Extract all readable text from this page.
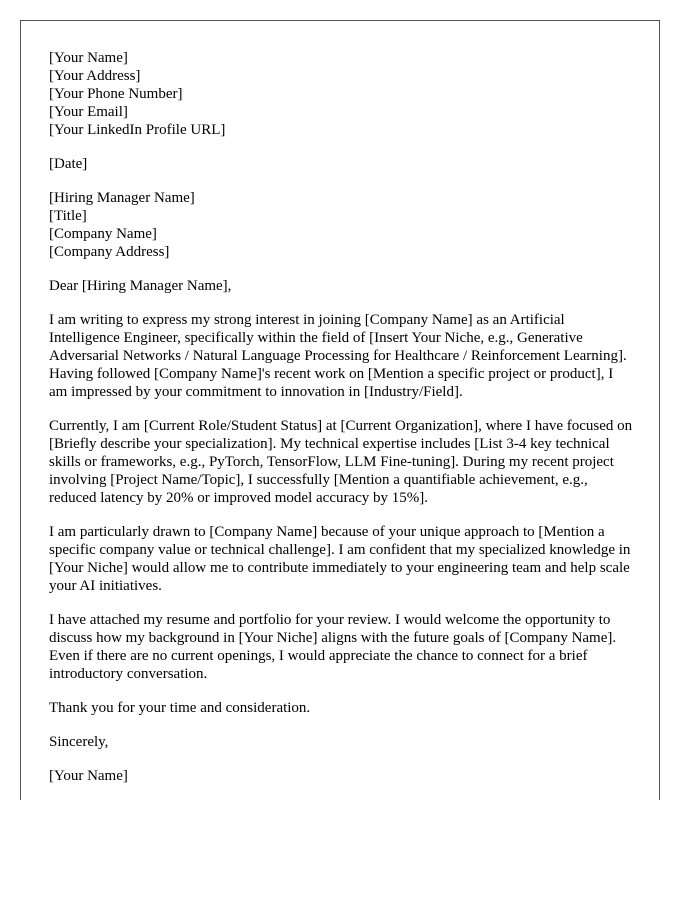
[Your Name]
[Your Address]
[Your Phone Number]
[Your Email]
[Your LinkedIn Profile URL]
[Date]
[Hiring Manager Name]
[Title]
[Company Name]
[Company Address]

Dear [Hiring Manager Name],

I am writing to express my strong interest in joining [Company Name] as an Artificial Intelligence Engineer, specifically within the field of [Insert Your Niche, e.g., Generative Adversarial Networks / Natural Language Processing for Healthcare / Reinforcement Learning]. Having followed [Company Name]'s recent work on [Mention a specific project or product], I am impressed by your commitment to innovation in [Industry/Field].

Currently, I am [Current Role/Student Status] at [Current Organization], where I have focused on [Briefly describe your specialization]. My technical expertise includes [List 3-4 key technical skills or frameworks, e.g., PyTorch, TensorFlow, LLM Fine-tuning]. During my recent project involving [Project Name/Topic], I successfully [Mention a quantifiable achievement, e.g., reduced latency by 20% or improved model accuracy by 15%].

I am particularly drawn to [Company Name] because of your unique approach to [Mention a specific company value or technical challenge]. I am confident that my specialized knowledge in [Your Niche] would allow me to contribute immediately to your engineering team and help scale your AI initiatives.

I have attached my resume and portfolio for your review. I would welcome the opportunity to discuss how my background in [Your Niche] aligns with the future goals of [Company Name]. Even if there are no current openings, I would appreciate the chance to connect for a brief introductory conversation.

Thank you for your time and consideration.

Sincerely,

[Your Name]
